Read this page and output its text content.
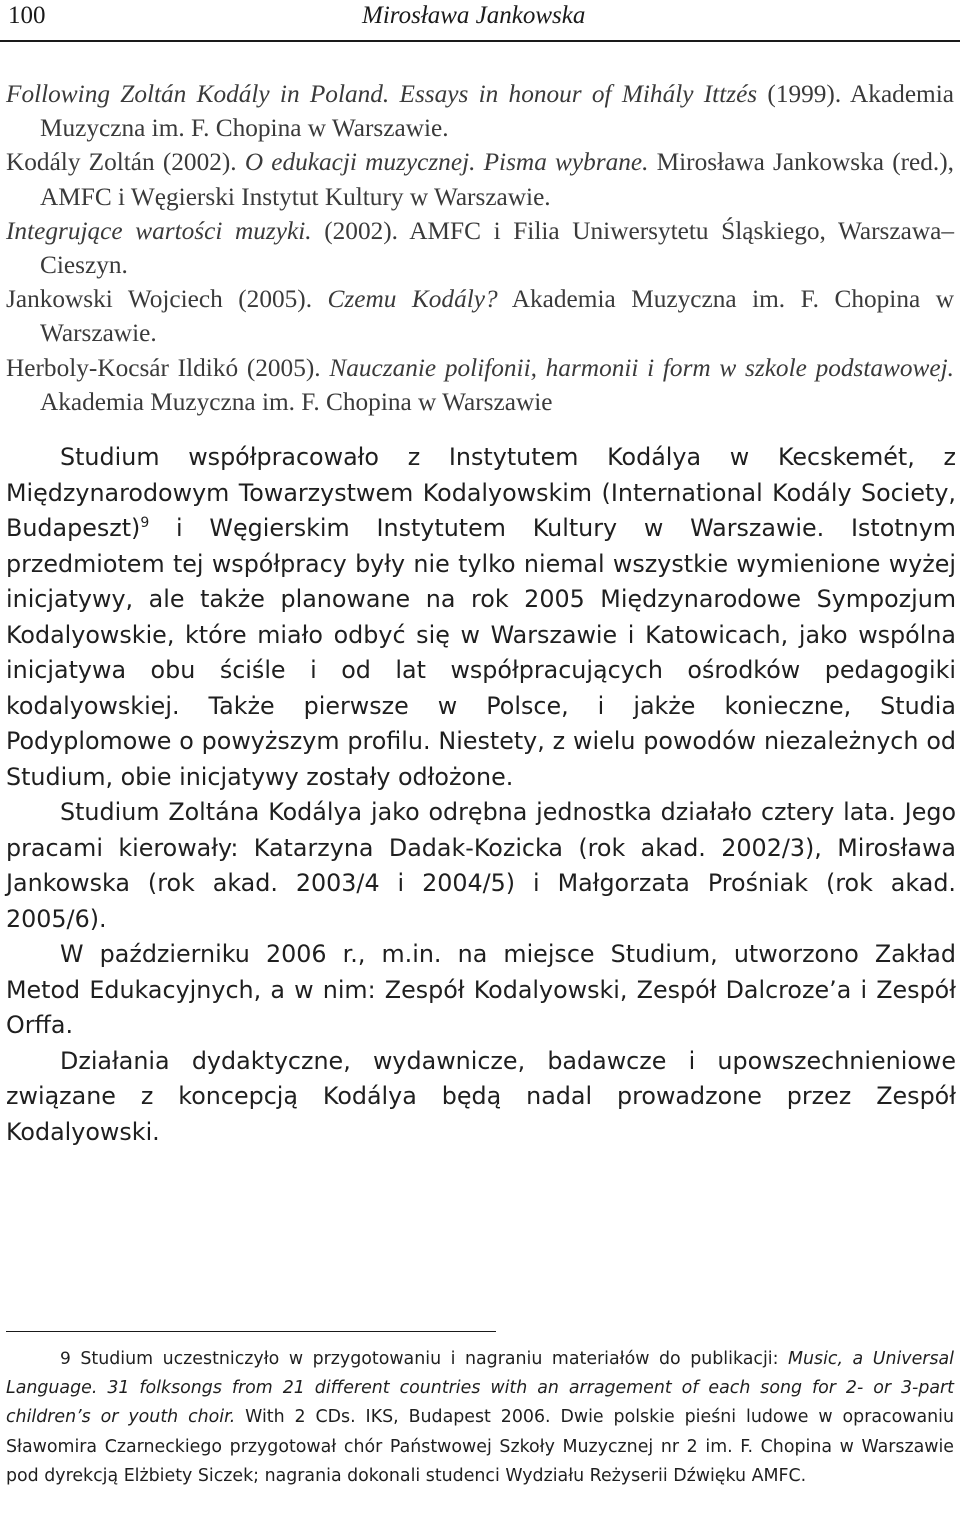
100	Mirosława Jankowska

Following Zoltán Kodály in Poland. Essays in honour of Mihály Ittzés (1999). Akademia Muzyczna im. F. Chopina w Warszawie.

Kodály Zoltán (2002). O edukacji muzycznej. Pisma wybrane. Mirosława Jankowska (red.), AMFC i Węgierski Instytut Kultury w Warszawie.

Integrujące wartości muzyki. (2002). AMFC i Filia Uniwersytetu Śląskiego, Warszawa–Cieszyn.

Jankowski Wojciech (2005). Czemu Kodály? Akademia Muzyczna im. F. Chopina w Warszawie.

Herboly-Kocsár Ildikó (2005). Nauczanie polifonii, harmonii i form w szkole podstawowej. Akademia Muzyczna im. F. Chopina w Warszawie

Studium współpracowało z Instytutem Kodálya w Kecskemét, z Międzynarodowym Towarzystwem Kodalyowskim (International Kodály Society, Budapeszt)$^9$ i Węgierskim Instytutem Kultury w Warszawie. Istotnym przedmiotem tej współpracy były nie tylko niemal wszystkie wymienione wyżej inicjatywy, ale także planowane na rok 2005 Międzynarodowe Sympozjum Kodalyowskie, które miało odbyć się w Warszawie i Katowicach, jako wspólna inicjatywa obu ściśle i od lat współpracujących ośrodków pedagogiki kodalyowskiej. Także pierwsze w Polsce, i jakże konieczne, Studia Podyplomowe o powyższym profilu. Niestety, z wielu powodów niezależnych od Studium, obie inicjatywy zostały odłożone.

Studium Zoltána Kodálya jako odrębna jednostka działało cztery lata. Jego pracami kierowały: Katarzyna Dadak-Kozicka (rok akad. 2002/3), Mirosława Jankowska (rok akad. 2003/4 i 2004/5) i Małgorzata Prośniak (rok akad. 2005/6).

W październiku 2006 r., m.in. na miejsce Studium, utworzono Zakład Metod Edukacyjnych, a w nim: Zespół Kodalyowski, Zespół Dalcroze’a i Zespół Orffa.

Działania dydaktyczne, wydawnicze, badawcze i upowszechnieniowe związane z koncepcją Kodálya będą nadal prowadzone przez Zespół Kodalyowski.

9 Studium uczestniczyło w przygotowaniu i nagraniu materiałów do publikacji: Music, a Universal Language. 31 folksongs from 21 different countries with an arragement of each song for 2- or 3-part children’s or youth choir. With 2 CDs. IKS, Budapest 2006. Dwie polskie pieśni ludowe w opracowaniu Sławomira Czarneckiego przygotował chór Państwowej Szkoły Muzycznej nr 2 im. F. Chopina w Warszawie pod dyrekcją Elżbiety Siczek; nagrania dokonali studenci Wydziału Reżyserii Dźwięku AMFC.
